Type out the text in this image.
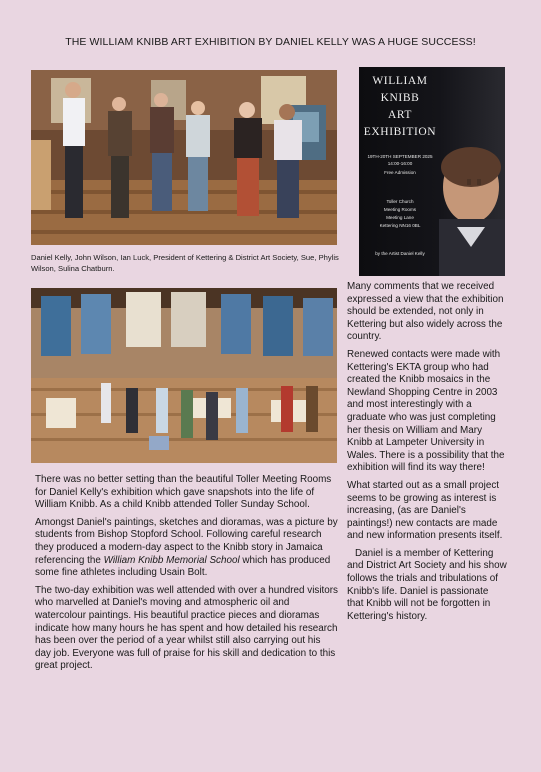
THE WILLIAM KNIBB ART EXHIBITION BY DANIEL KELLY WAS A HUGE SUCCESS!
WILLIAM
KNIBB
ART
EXHIBITION
19TH-20TH SEPTEMBER 2025
14:00-16:00
Free Admission
Toller Church
Meeting Rooms
Meeting Lane
Kettering NN16 0BL
by the Artist Daniel Kelly
Daniel Kelly, John Wilson, Ian Luck, President of Kettering & District Art Society, Sue, Phylis Wilson, Sulina Chatburn.

There was no better setting than the beautiful Toller Meeting Rooms for Daniel Kelly's exhibition which gave snapshots into the life of William Knibb. As a child Knibb attended Toller Sunday School.

Amongst Daniel's paintings, sketches and dioramas, was a picture by students from Bishop Stopford School. Following careful research they produced a modern-day aspect to the Knibb story in Jamaica referencing the William Knibb Memorial School which has produced some fine athletes including Usain Bolt.

The two-day exhibition was well attended with over a hundred visitors who marvelled at Daniel's moving and atmospheric oil and watercolour paintings. His beautiful practice pieces and dioramas indicate how many hours he has spent and how detailed his research has been over the period of a year whilst still also carrying out his day job. Everyone was full of praise for his skill and dedication to this great project.

Many comments that we received expressed a view that the exhibition should be extended, not only in Kettering but also widely across the country.

Renewed contacts were made with Kettering's EKTA group who had created the Knibb mosaics in the Newland Shopping Centre in 2003 and most interestingly with a graduate who was just completing her thesis on William and Mary Knibb at Lampeter University in Wales. There is a possibility that the exhibition will find its way there!

What started out as a small project seems to be growing as interest is increasing, (as are Daniel's paintings!) new contacts are made and new information presents itself.

Daniel is a member of Kettering and District Art Society and his show follows the trials and tribulations of Knibb's life. Daniel is passionate that Knibb will not be forgotten in Kettering's history.
